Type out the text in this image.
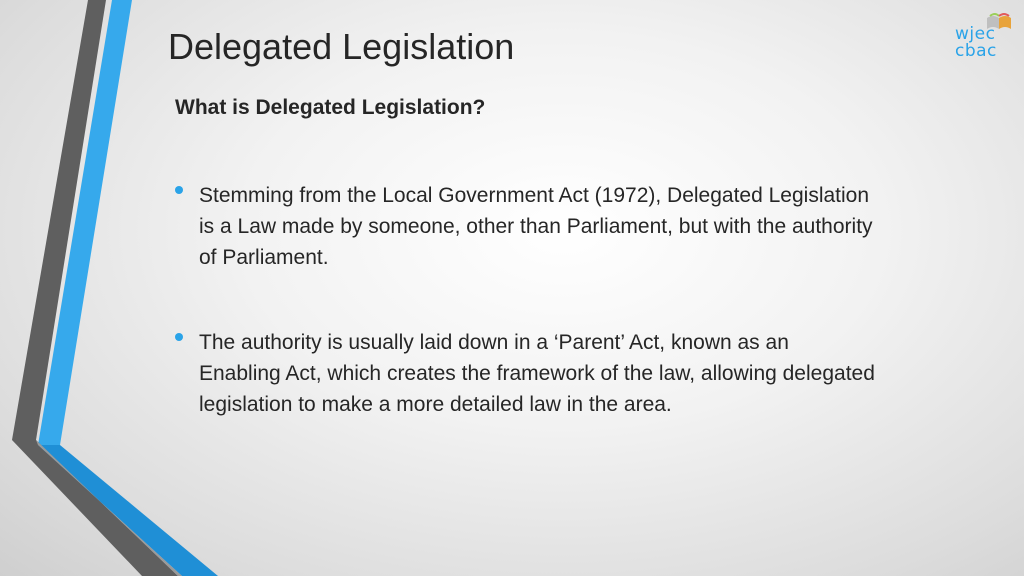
Delegated Legislation
What is Delegated Legislation?
Stemming from the Local Government Act (1972), Delegated Legislation is a Law made by someone, other than Parliament, but with the authority of Parliament.
The authority is usually laid down in a ‘Parent’ Act, known as an Enabling Act, which creates the framework of the law, allowing delegated legislation to make a more detailed law in the area.
wjec
cbac
